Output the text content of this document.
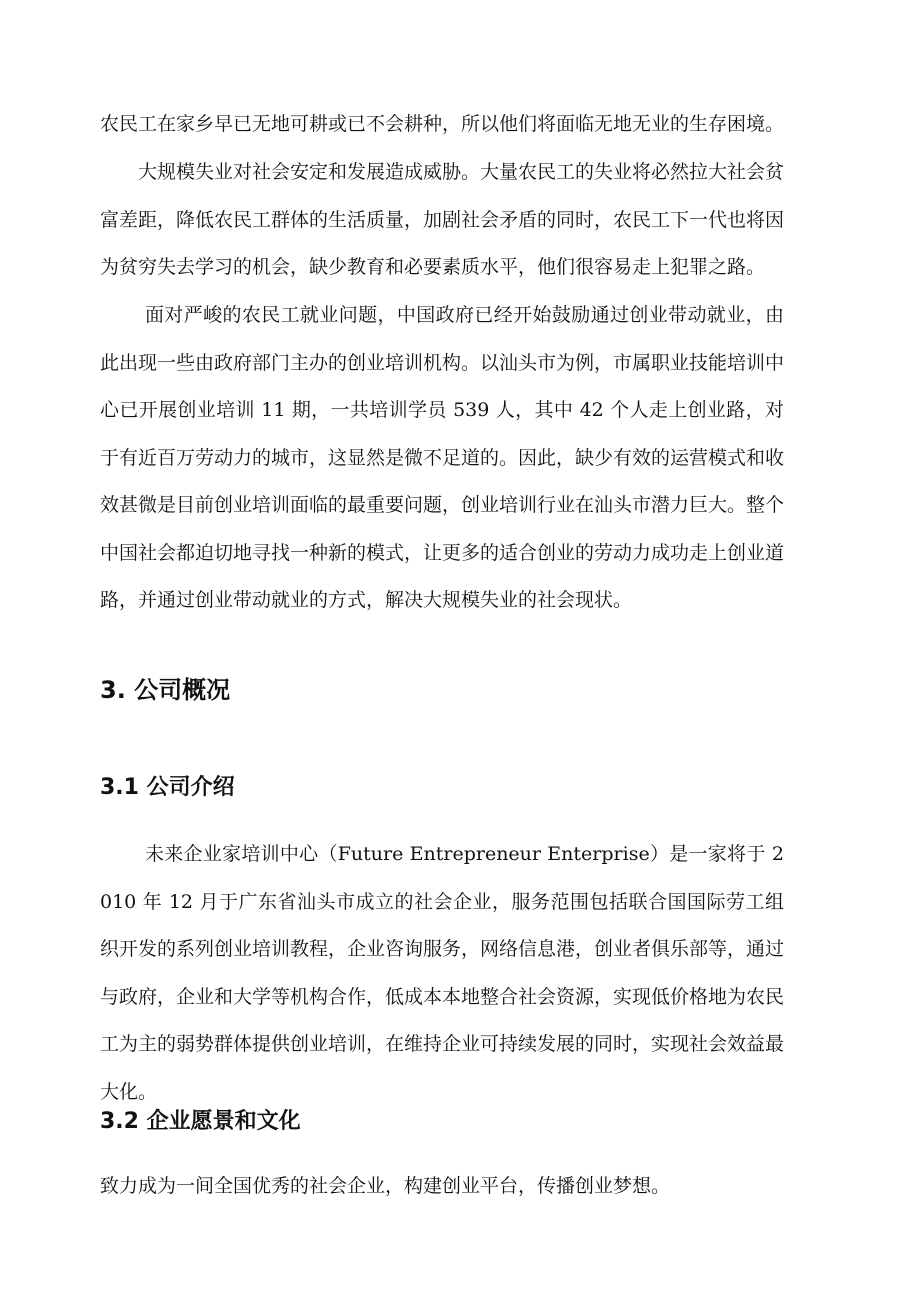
农民工在家乡早已无地可耕或已不会耕种，所以他们将面临无地无业的生存困境。

大规模失业对社会安定和发展造成威胁。大量农民工的失业将必然拉大社会贫富差距，降低农民工群体的生活质量，加剧社会矛盾的同时，农民工下一代也将因为贫穷失去学习的机会，缺少教育和必要素质水平，他们很容易走上犯罪之路。

面对严峻的农民工就业问题，中国政府已经开始鼓励通过创业带动就业，由此出现一些由政府部门主办的创业培训机构。以汕头市为例，市属职业技能培训中心已开展创业培训 11 期，一共培训学员 539 人，其中 42 个人走上创业路，对于有近百万劳动力的城市，这显然是微不足道的。因此，缺少有效的运营模式和收效甚微是目前创业培训面临的最重要问题，创业培训行业在汕头市潜力巨大。整个中国社会都迫切地寻找一种新的模式，让更多的适合创业的劳动力成功走上创业道路，并通过创业带动就业的方式，解决大规模失业的社会现状。

3. 公司概况
3.1 公司介绍

未来企业家培训中心（Future Entrepreneur Enterprise）是一家将于 2010 年 12 月于广东省汕头市成立的社会企业，服务范围包括联合国国际劳工组织开发的系列创业培训教程，企业咨询服务，网络信息港，创业者俱乐部等，通过与政府，企业和大学等机构合作，低成本本地整合社会资源，实现低价格地为农民工为主的弱势群体提供创业培训，在维持企业可持续发展的同时，实现社会效益最大化。

3.2 企业愿景和文化

致力成为一间全国优秀的社会企业，构建创业平台，传播创业梦想。
